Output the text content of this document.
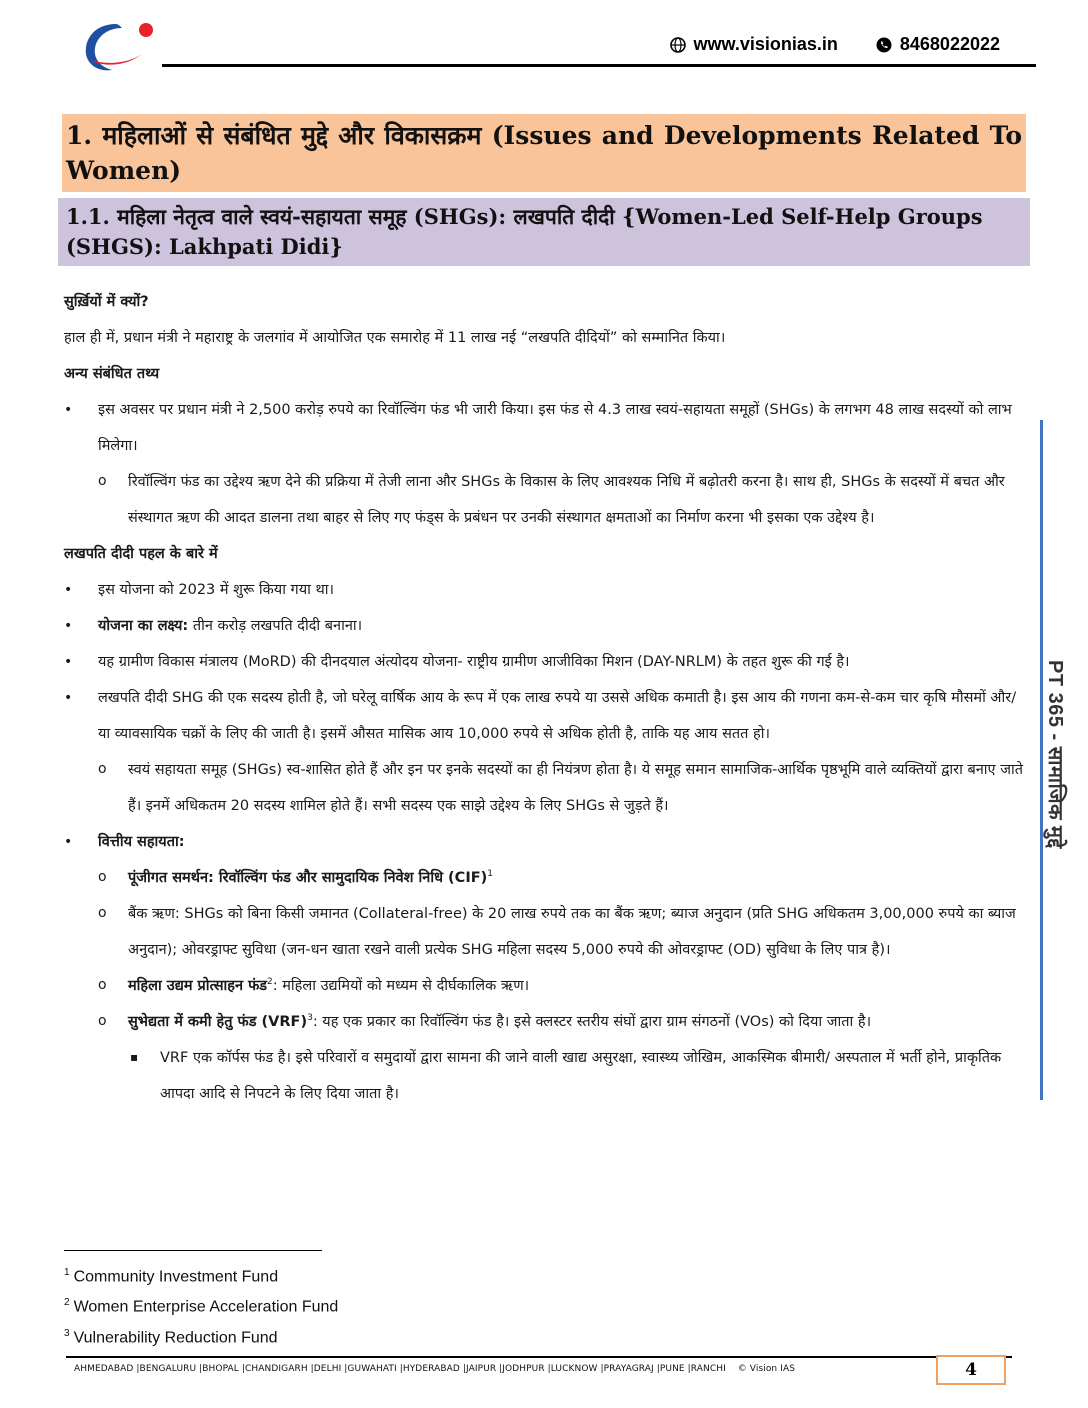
www.visionias.in	8468022022
1. महिलाओं से संबंधित मुद्दे और विकासक्रम (Issues and Developments Related To Women)
1.1. महिला नेतृत्व वाले स्वयं-सहायता समूह (SHGs): लखपति दीदी {Women-Led Self-Help Groups (SHGS): Lakhpati Didi}

सुर्ख़ियों में क्यों?

हाल ही में, प्रधान मंत्री ने महाराष्ट्र के जलगांव में आयोजित एक समारोह में 11 लाख नई “लखपति दीदियों” को सम्मानित किया।

अन्य संबंधित तथ्य

• इस अवसर पर प्रधान मंत्री ने 2,500 करोड़ रुपये का रिवॉल्विंग फंड भी जारी किया। इस फंड से 4.3 लाख स्वयं-सहायता समूहों (SHGs) के लगभग 48 लाख सदस्यों को लाभ मिलेगा।
o रिवॉल्विंग फंड का उद्देश्य ऋण देने की प्रक्रिया में तेजी लाना और SHGs के विकास के लिए आवश्यक निधि में बढ़ोतरी करना है। साथ ही, SHGs के सदस्यों में बचत और संस्थागत ऋण की आदत डालना तथा बाहर से लिए गए फंड्स के प्रबंधन पर उनकी संस्थागत क्षमताओं का निर्माण करना भी इसका एक उद्देश्य है।

लखपति दीदी पहल के बारे में

• इस योजना को 2023 में शुरू किया गया था।
• योजना का लक्ष्य: तीन करोड़ लखपति दीदी बनाना।
• यह ग्रामीण विकास मंत्रालय (MoRD) की दीनदयाल अंत्योदय योजना- राष्ट्रीय ग्रामीण आजीविका मिशन (DAY-NRLM) के तहत शुरू की गई है।
• लखपति दीदी SHG की एक सदस्य होती है, जो घरेलू वार्षिक आय के रूप में एक लाख रुपये या उससे अधिक कमाती है। इस आय की गणना कम-से-कम चार कृषि मौसमों और/ या व्यावसायिक चक्रों के लिए की जाती है। इसमें औसत मासिक आय 10,000 रुपये से अधिक होती है, ताकि यह आय सतत हो।
o स्वयं सहायता समूह (SHGs) स्व-शासित होते हैं और इन पर इनके सदस्यों का ही नियंत्रण होता है। ये समूह समान सामाजिक-आर्थिक पृष्ठभूमि वाले व्यक्तियों द्वारा बनाए जाते हैं। इनमें अधिकतम 20 सदस्य शामिल होते हैं। सभी सदस्य एक साझे उद्देश्य के लिए SHGs से जुड़ते हैं।
• वित्तीय सहायता:
o पूंजीगत समर्थन: रिवॉल्विंग फंड और सामुदायिक निवेश निधि (CIF)$^1$
o बैंक ऋण: SHGs को बिना किसी जमानत (Collateral-free) के 20 लाख रुपये तक का बैंक ऋण; ब्याज अनुदान (प्रति SHG अधिकतम 3,00,000 रुपये का ब्याज अनुदान); ओवरड्राफ्ट सुविधा (जन-धन खाता रखने वाली प्रत्येक SHG महिला सदस्य 5,000 रुपये की ओवरड्राफ्ट (OD) सुविधा के लिए पात्र है)।
o महिला उद्यम प्रोत्साहन फंड$^2$: महिला उद्यमियों को मध्यम से दीर्घकालिक ऋण।
o सुभेद्यता में कमी हेतु फंड (VRF)$^3$: यह एक प्रकार का रिवॉल्विंग फंड है। इसे क्लस्टर स्तरीय संघों द्वारा ग्राम संगठनों (VOs) को दिया जाता है।
▪ VRF एक कॉर्पस फंड है। इसे परिवारों व समुदायों द्वारा सामना की जाने वाली खाद्य असुरक्षा, स्वास्थ्य जोखिम, आकस्मिक बीमारी/ अस्पताल में भर्ती होने, प्राकृतिक आपदा आदि से निपटने के लिए दिया जाता है।
PT 365 - सामाजिक मुद्दे
$^1$ Community Investment Fund
$^2$ Women Enterprise Acceleration Fund
$^3$ Vulnerability Reduction Fund
AHMEDABAD |BENGALURU |BHOPAL |CHANDIGARH |DELHI |GUWAHATI |HYDERABAD |JAIPUR |JODHPUR |LUCKNOW |PRAYAGRAJ |PUNE |RANCHI © Vision IAS	4
